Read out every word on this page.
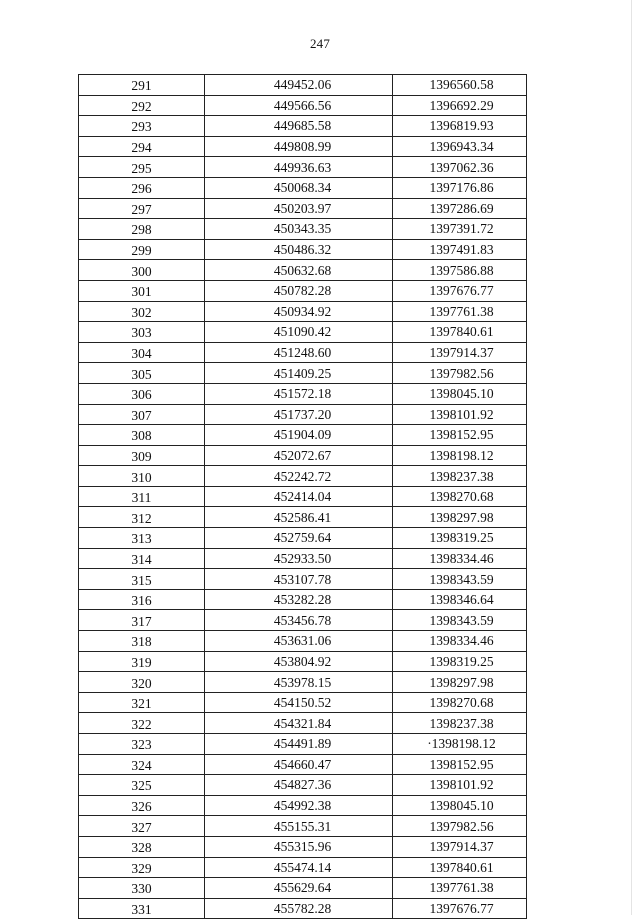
247
291	449452.06	1396560.58
292	449566.56	1396692.29
293	449685.58	1396819.93
294	449808.99	1396943.34
295	449936.63	1397062.36
296	450068.34	1397176.86
297	450203.97	1397286.69
298	450343.35	1397391.72
299	450486.32	1397491.83
300	450632.68	1397586.88
301	450782.28	1397676.77
302	450934.92	1397761.38
303	451090.42	1397840.61
304	451248.60	1397914.37
305	451409.25	1397982.56
306	451572.18	1398045.10
307	451737.20	1398101.92
308	451904.09	1398152.95
309	452072.67	1398198.12
310	452242.72	1398237.38
311	452414.04	1398270.68
312	452586.41	1398297.98
313	452759.64	1398319.25
314	452933.50	1398334.46
315	453107.78	1398343.59
316	453282.28	1398346.64
317	453456.78	1398343.59
318	453631.06	1398334.46
319	453804.92	1398319.25
320	453978.15	1398297.98
321	454150.52	1398270.68
322	454321.84	1398237.38
323	454491.89	·1398198.12
324	454660.47	1398152.95
325	454827.36	1398101.92
326	454992.38	1398045.10
327	455155.31	1397982.56
328	455315.96	1397914.37
329	455474.14	1397840.61
330	455629.64	1397761.38
331	455782.28	1397676.77
